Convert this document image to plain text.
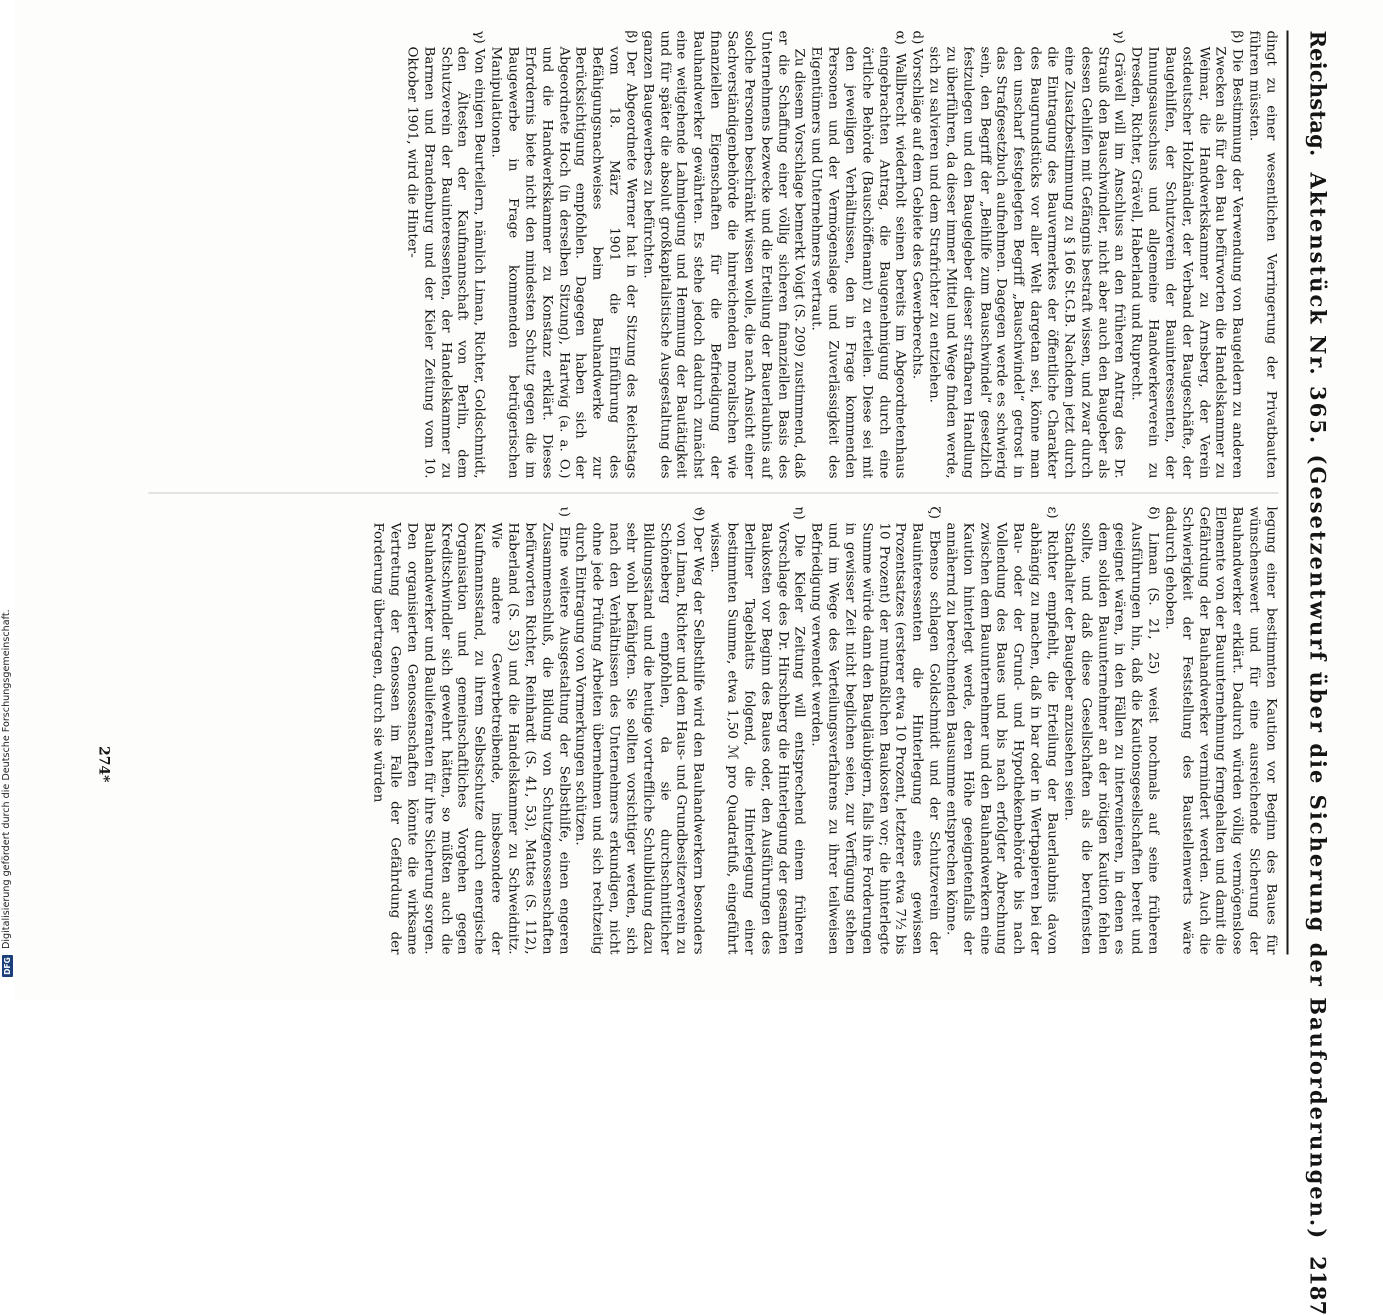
Reichstag.
Aktenstück Nr. 365. (Gesetzentwurf über die Sicherung der Bauforderungen.)
2187

dingt zu einer wesentlichen Verringerung der Privatbauten führen müssten.

β) Die Bestimmung der Verwendung von Baugeldern zu anderen Zwecken als für den Bau befürworten die Handelskammer zu Weimar, die Handwerkskammer zu Arnsberg, der Verein ostdeutscher Holzhändler, der Verband der Baugeschäfte, der Baugehilfen, der Schutzverein der Bauinteressenten, der Innungsausschuss und allgemeine Handwerkerverein zu Dresden, Richter, Grävell, Haberland und Ruprecht.

γ) Grävell will im Anschluss an den früheren Antrag des Dr. Strauß den Bauschwindler, nicht aber auch den Baugeber als dessen Gehilfen mit Gefängnis bestraft wissen, und zwar durch eine Zusatzbestimmung zu § 166 St.G.B. Nachdem jetzt durch die Eintragung des Bauvermerkes der öffentliche Charakter des Baugrundstücks vor aller Welt dargetan sei, könne man den unscharf festgelegten Begriff „Bauschwindel“ getrost in das Strafgesetzbuch aufnehmen. Dagegen werde es schwierig sein, den Begriff der „Beihilfe zum Bauschwindel“ gesetzlich festzulegen und den Baugelgeber dieser strafbaren Handlung zu überführen, da dieser immer Mittel und Wege finden werde, sich zu salvieren und dem Strafrichter zu entziehen.

d) Vorschläge auf dem Gebiete des Gewerberechts.

α) Wallbrecht wiederholt seinen bereits im Abgeordnetenhaus eingebrachten Antrag, die Baugenehmigung durch eine örtliche Behörde (Bauschöffenamt) zu erteilen. Diese sei mit den jeweiligen Verhältnissen, den in Frage kommenden Personen und der Vermögenslage und Zuverlässigkeit des Eigentümers und Unternehmers vertraut.

Zu diesem Vorschlage bemerkt Voigt (S. 209) zustimmend, daß er die Schaffung einer völlig sicheren finanziellen Basis des Unternehmens bezwecke und die Erteilung der Bauerlaubnis auf solche Personen beschränkt wissen wolle, die nach Ansicht einer Sachverständigenbehörde die hinreichenden moralischen wie finanziellen Eigenschaften für die Befriedigung der Bauhandwerker gewährten. Es stehe jedoch dadurch zunächst eine weitgehende Lahmlegung und Hemmung der Bautätigkeit und für später die absolut großkapitalistische Ausgestaltung des ganzen Baugewerbes zu befürchten.

β) Der Abgeordnete Werner hat in der Sitzung des Reichstags vom 18. März 1901 die Einführung des Befähigungsnachweises beim Bauhandwerke zur Berücksichtigung empfohlen. Dagegen haben sich der Abgeordnete Hoch (in derselben Sitzung), Hartwig (a. a. O.) und die Handwerkskammer zu Konstanz erklärt. Dieses Erfordernis biete nicht den mindesten Schutz gegen die im Baugewerbe in Frage kommenden betrügerischen Manipulationen.

γ) Von einigen Beurteilern, nämlich Liman, Richter, Goldschmidt, den Ältesten der Kaufmannschaft von Berlin, dem Schutzverein der Bauinteressenten, der Handelskammer zu Barmen und Brandenburg und der Kieler Zeitung vom 10. Oktober 1901, wird die Hinter-

legung einer bestimmten Kaution vor Beginn des Baues für wünschenswert und für eine ausreichende Sicherung der Bauhandwerker erklärt. Dadurch würden völlig vermögenslose Elemente von der Bauunternehmung ferngehalten und damit die Gefährdung der Bauhandwerker vermindert werden. Auch die Schwierigkeit der Feststellung des Baustellenwerts wäre dadurch gehoben.

δ) Liman (S. 21, 25) weist nochmals auf seine früheren Ausführungen hin, daß die Kautionsgesellschaften bereit und geeignet wären, in den Fällen zu intervenieren, in denen es dem soliden Bauunternehmer an der nötigen Kaution fehlen sollte, und daß diese Gesellschaften als die berufensten Standhalter der Baugeber anzusehen seien.

ε) Richter empfiehlt, die Erteilung der Bauerlaubnis davon abhängig zu machen, daß in bar oder in Wertpapieren bei der Bau- oder der Grund- und Hypothekenbehörde bis nach Vollendung des Baues und bis nach erfolgter Abrechnung zwischen dem Bauunternehmer und den Bauhandwerkern eine Kaution hinterlegt werde, deren Höhe geeignetenfalls der annähernd zu berechnenden Bausumme entsprechen könne.

ζ) Ebenso schlagen Goldschmidt und der Schutzverein der Bauinteressenten die Hinterlegung eines gewissen Prozentsatzes (ersterer etwa 10 Prozent, letzterer etwa 7½ bis 10 Prozent) der mutmaßlichen Baukosten vor; die hinterlegte Summe würde dann den Baugläubigern, falls ihre Forderungen in gewisser Zeit nicht beglichen seien, zur Verfügung stehen und im Wege des Verteilungsverfahrens zu ihrer teilweisen Befriedigung verwendet werden.

η) Die Kieler Zeitung will entsprechend einem früheren Vorschlage des Dr. Hirschberg die Hinterlegung der gesamten Baukosten vor Beginn des Baues oder, den Ausführungen des Berliner Tageblatts folgend, die Hinterlegung einer bestimmten Summe, etwa 1,50 ℳ pro Quadratfuß, eingeführt wissen.

ϑ) Der Weg der Selbsthilfe wird den Bauhandwerkern besonders von Liman, Richter und dem Haus- und Grundbesitzerverein zu Schöneberg empfohlen, da sie durchschnittlicher Bildungsstand und die heutige vortreffliche Schulbildung dazu sehr wohl befähigten. Sie sollten vorsichtiger werden, sich nach den Verhältnissen des Unternehmers erkundigen, nicht ohne jede Prüfung Arbeiten übernehmen und sich rechtzeitig durch Eintragung von Vormerkungen schützen.

ι) Eine weitere Ausgestaltung der Selbsthilfe, einen engeren Zusammenschluß, die Bildung von Schutzgenossenschaften befürworten Richter, Reinhardt (S. 41, 53), Mattes (S. 112), Haberland (S. 53) und die Handelskammer zu Schweidnitz. Wie andere Gewerbetreibende, insbesondere der Kaufmannsstand, zu ihrem Selbstschutze durch energische Organisation und gemeinschaftliches Vorgehen gegen Kreditschwindler sich gewehrt hätten, so müßten auch die Bauhandwerker und Baulieferanten für ihre Sicherung sorgen. Den organisierten Genossenschaften könnte die wirksame Vertretung der Genossen im Falle der Gefährdung der Forderung übertragen, durch sie würden

274*
DFG
Digitalisierung gefördert durch die Deutsche Forschungsgemeinschaft.
